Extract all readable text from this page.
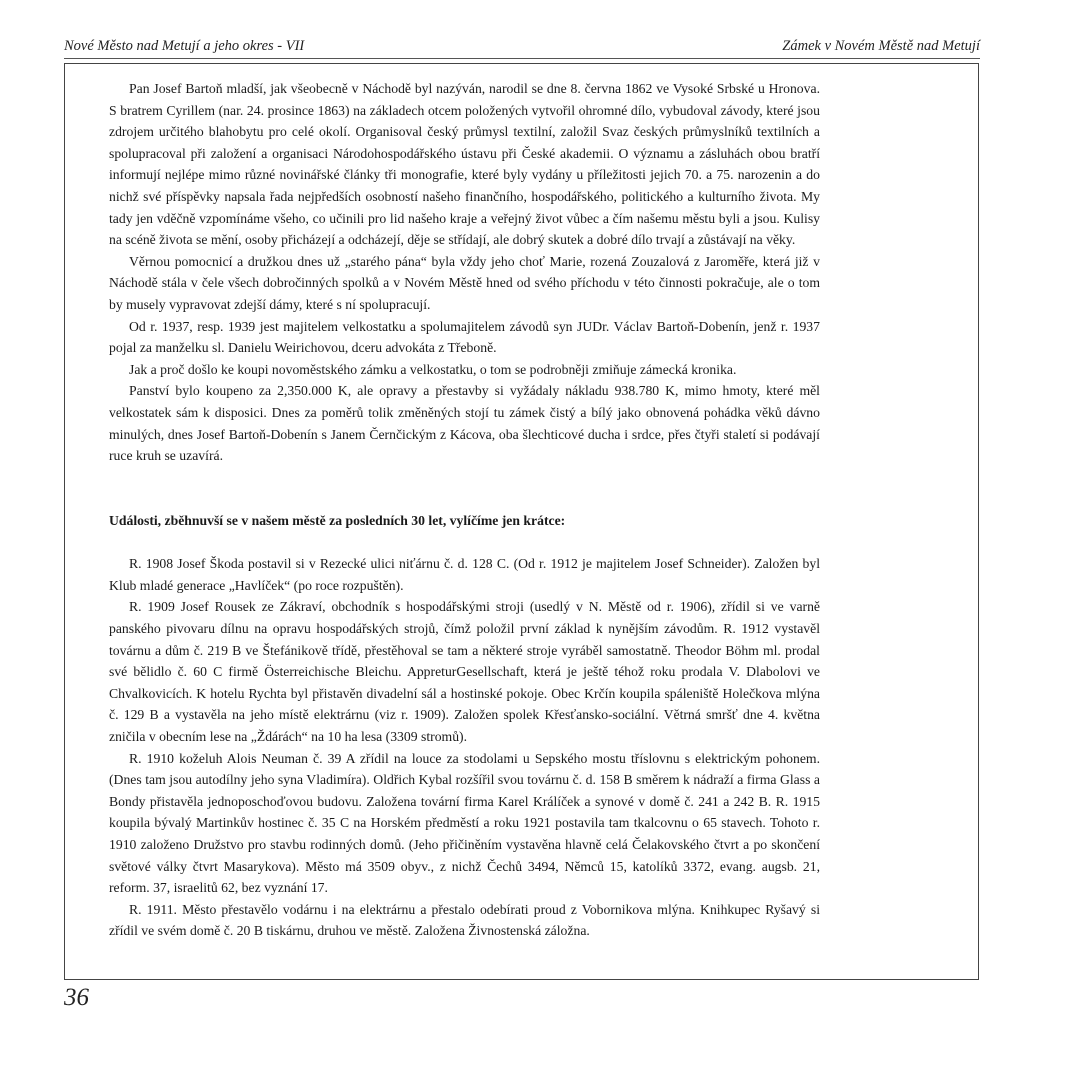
Nové Město nad Metují a jeho okres - VII	Zámek v Novém Městě nad Metují

Pan Josef Bartoň mladší, jak všeobecně v Náchodě byl nazýván, narodil se dne 8. června 1862 ve Vysoké Srbské u Hronova. S bratrem Cyrillem (nar. 24. prosince 1863) na základech otcem položených vytvořil ohromné dílo, vybudoval závody, které jsou zdrojem určitého blahobytu pro celé okolí. Organisoval český průmysl textilní, založil Svaz českých průmyslníků textilních a spolupracoval při založení a organisaci Národohospodářského ústavu při České akademii. O významu a zásluhách obou bratří informují nejlépe mimo různé novinářské články tři monografie, které byly vydány u příležitosti jejich 70. a 75. narozenin a do nichž své příspěvky napsala řada nejpředších osobností našeho finančního, hospodářského, politického a kulturního života. My tady jen vděčně vzpomínáme všeho, co učinili pro lid našeho kraje a veřejný život vůbec a čím našemu městu byli a jsou. Kulisy na scéně života se mění, osoby přicházejí a odcházejí, děje se střídají, ale dobrý skutek a dobré dílo trvají a zůstávají na věky.

Věrnou pomocnicí a družkou dnes už „starého pána“ byla vždy jeho choť Marie, rozená Zouzalová z Jaroměře, která již v Náchodě stála v čele všech dobročinných spolků a v Novém Městě hned od svého příchodu v této činnosti pokračuje, ale o tom by musely vypravovat zdejší dámy, které s ní spolupracují.

Od r. 1937, resp. 1939 jest majitelem velkostatku a spolumajitelem závodů syn JUDr. Václav Bartoň-Dobenín, jenž r. 1937 pojal za manželku sl. Danielu Weirichovou, dceru advokáta z Třeboně.

Jak a proč došlo ke koupi novoměstského zámku a velkostatku, o tom se podrobněji zmiňuje zámecká kronika.

Panství bylo koupeno za 2,350.000 K, ale opravy a přestavby si vyžádaly nákladu 938.780 K, mimo hmoty, které měl velkostatek sám k disposici. Dnes za poměrů tolik změněných stojí tu zámek čistý a bílý jako obnovená pohádka věků dávno minulých, dnes Josef Bartoň-Dobenín s Janem Černčickým z Kácova, oba šlechticové ducha i srdce, přes čtyři staletí si podávají ruce kruh se uzavírá.

Události, zběhnuvší se v našem městě za posledních 30 let, vylíčíme jen krátce:

R. 1908 Josef Škoda postavil si v Rezecké ulici niťárnu č. d. 128 C. (Od r. 1912 je majitelem Josef Schneider). Založen byl Klub mladé generace „Havlíček“ (po roce rozpuštěn).

R. 1909 Josef Rousek ze Zákraví, obchodník s hospodářskými stroji (usedlý v N. Městě od r. 1906), zřídil si ve varně panského pivovaru dílnu na opravu hospodářských strojů, čímž položil první základ k nynějším závodům. R. 1912 vystavěl továrnu a dům č. 219 B ve Štefánikově třídě, přestěhoval se tam a některé stroje vyráběl samostatně. Theodor Böhm ml. prodal své bělidlo č. 60 C firmě Österreichische Bleichu. AppreturGesellschaft, která je ještě téhož roku prodala V. Dlabolovi ve Chvalkovicích. K hotelu Rychta byl přistavěn divadelní sál a hostinské pokoje. Obec Krčín koupila spáleniště Holečkova mlýna č. 129 B a vystavěla na jeho místě elektrárnu (viz r. 1909). Založen spolek Křesťansko-sociální. Větrná smršť dne 4. května zničila v obecním lese na „Ždárách“ na 10 ha lesa (3309 stromů).

R. 1910 koželuh Alois Neuman č. 39 A zřídil na louce za stodolami u Sepského mostu tříslovnu s elektrickým pohonem. (Dnes tam jsou autodílny jeho syna Vladimíra). Oldřich Kybal rozšířil svou továrnu č. d. 158 B směrem k nádraží a firma Glass a Bondy přistavěla jednoposchoďovou budovu. Založena tovární firma Karel Králíček a synové v domě č. 241 a 242 B. R. 1915 koupila bývalý Martinkův hostinec č. 35 C na Horském předměstí a roku 1921 postavila tam tkalcovnu o 65 stavech. Tohoto r. 1910 založeno Družstvo pro stavbu rodinných domů. (Jeho přičiněním vystavěna hlavně celá Čelakovského čtvrt a po skončení světové války čtvrt Masarykova). Město má 3509 obyv., z nichž Čechů 3494, Němců 15, katolíků 3372, evang. augsb. 21, reform. 37, israelitů 62, bez vyznání 17.

R. 1911. Město přestavělo vodárnu i na elektrárnu a přestalo odebírati proud z Vobornikova mlýna. Knihkupec Ryšavý si zřídil ve svém domě č. 20 B tiskárnu, druhou ve městě. Založena Živnostenská záložna.

36
